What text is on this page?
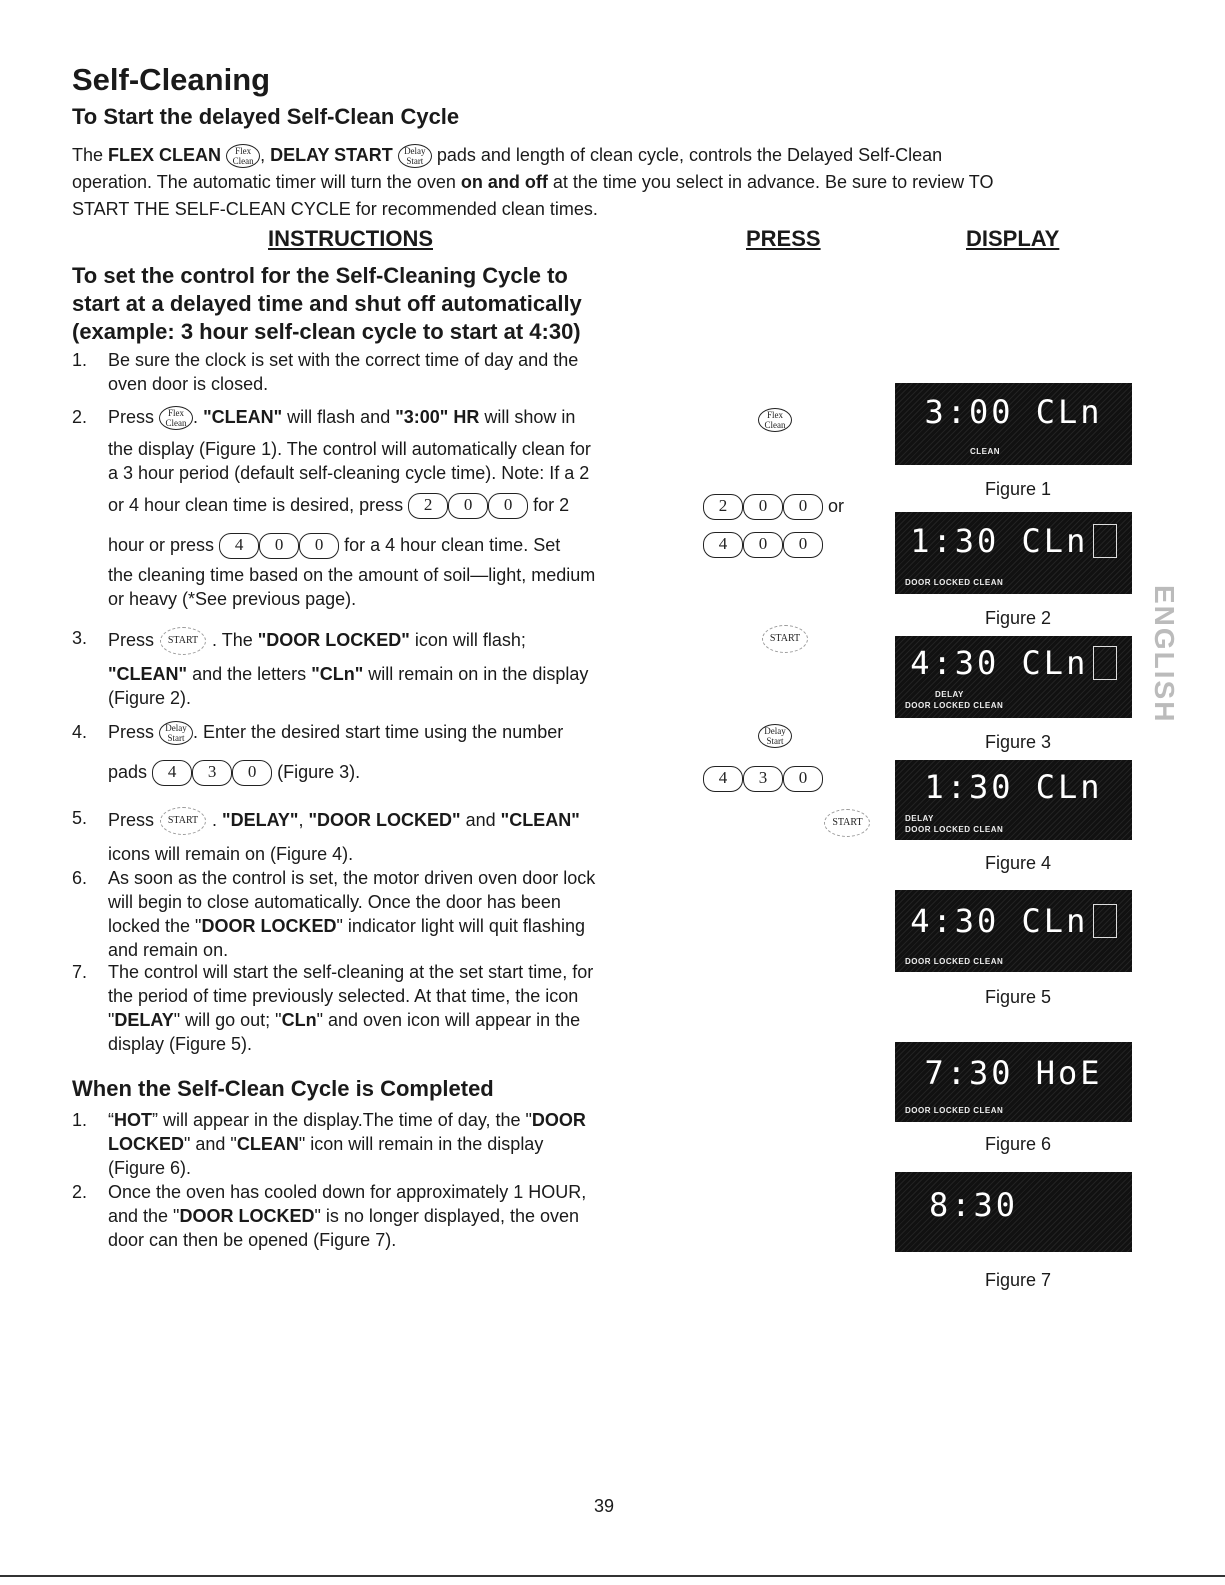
Self-Cleaning
To Start the delayed Self-Clean Cycle
The FLEX CLEAN Flex
Clean , DELAY START Delay
Start pads and length of clean cycle, controls the Delayed Self-Clean
operation. The automatic timer will turn the oven on and off at the time you select in advance. Be sure to review TO
START THE SELF-CLEAN CYCLE for recommended clean times.
INSTRUCTIONS	PRESS	DISPLAY
To set the control for the Self-Cleaning Cycle to
start at a delayed time and shut off automatically
(example: 3 hour self-clean cycle to start at 4:30)
1.	Be sure the clock is set with the correct time of day and the
oven door is closed.
2.	Press Flex
Clean . "CLEAN" will flash and "3:00" HR will show in
the display (Figure 1). The control will automatically clean for
a 3 hour period (default self-cleaning cycle time). Note: If a 2
or 4 hour clean time is desired, press 2 0 0 for 2
hour or press 4 0 0 for a 4 hour clean time. Set
the cleaning time based on the amount of soil—light, medium
or heavy (*See previous page).
3.	Press START . The "DOOR LOCKED" icon will flash;
"CLEAN" and the letters "CLn" will remain on in the display
(Figure 2).
4.	Press Delay
Start . Enter the desired start time using the number
pads 4 3 0 (Figure 3).
5.	Press START . "DELAY", "DOOR LOCKED" and "CLEAN"
icons will remain on (Figure 4).
6.	As soon as the control is set, the motor driven oven door lock
will begin to close automatically. Once the door has been
locked the "DOOR LOCKED" indicator light will quit flashing
and remain on.
7.	The control will start the self-cleaning at the set start time, for
the period of time previously selected. At that time, the icon
"DELAY" will go out; "CLn" and oven icon will appear in the
display (Figure 5).
When the Self-Clean Cycle is Completed
1.	“HOT” will appear in the display.The time of day, the "DOOR
LOCKED" and "CLEAN" icon will remain in the display
(Figure 6).
2.	Once the oven has cooled down for approximately 1 HOUR,
and the "DOOR LOCKED" is no longer displayed, the oven
door can then be opened (Figure 7).
Flex
Clean
2 0 0 or
4 0 0
START
Delay
Start
4 3 0
START
3:00 CLn
CLEAN
Figure 1
1:30 CLn
DOOR LOCKED CLEAN
Figure 2
4:30 CLn
DELAY
DOOR LOCKED CLEAN
Figure 3
1:30 CLn
DELAY
DOOR LOCKED CLEAN
Figure 4
4:30 CLn
DOOR LOCKED CLEAN
Figure 5
7:30 HoE
DOOR LOCKED CLEAN
Figure 6
8:30
Figure 7
ENGLISH
39
